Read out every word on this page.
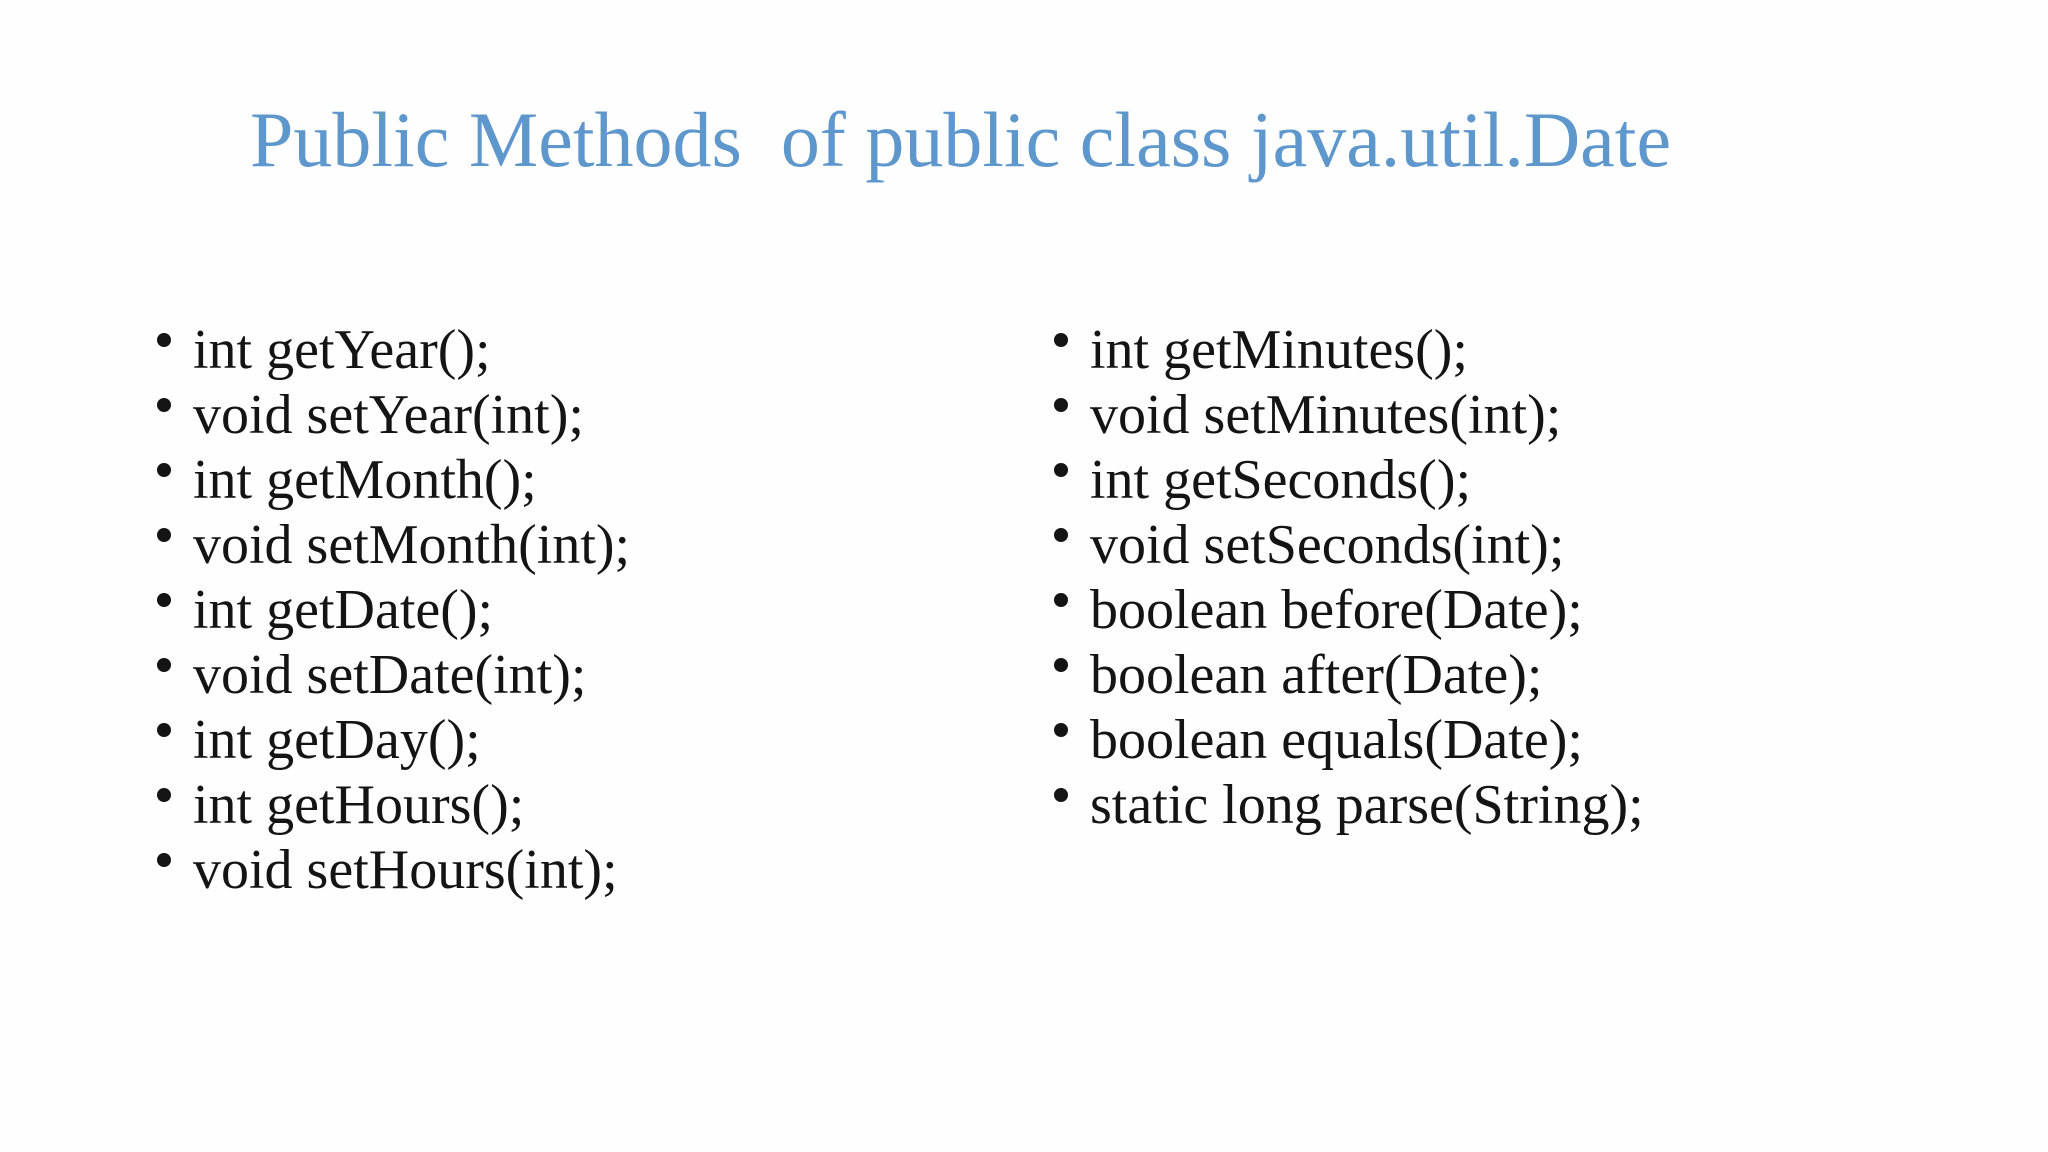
Public Methods  of public class java.util.Date
int getYear();
void setYear(int);
int getMonth();
void setMonth(int);
int getDate();
void setDate(int);
int getDay();
int getHours();
void setHours(int);
int getMinutes();
void setMinutes(int);
int getSeconds();
void setSeconds(int);
boolean before(Date);
boolean after(Date);
boolean equals(Date);
static long parse(String);
